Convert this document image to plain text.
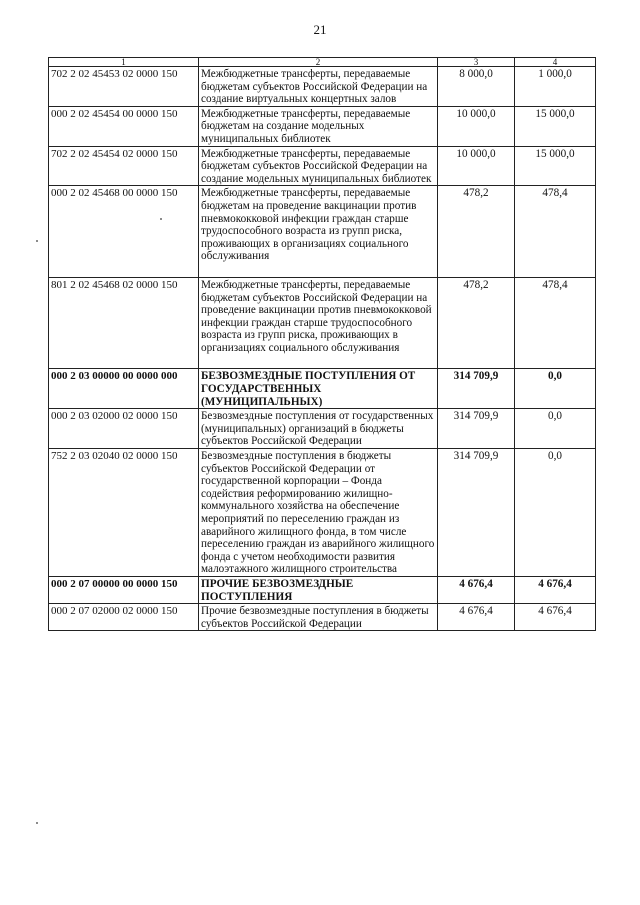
21
1	2	3	4
702 2 02 45453 02 0000 150	Межбюджетные трансферты, передаваемые бюджетам субъектов Российской Федерации на создание виртуальных концертных залов	8 000,0	1 000,0
000 2 02 45454 00 0000 150	Межбюджетные трансферты, передаваемые бюджетам на создание модельных муниципальных библиотек	10 000,0	15 000,0
702 2 02 45454 02 0000 150	Межбюджетные трансферты, передаваемые бюджетам субъектов Российской Федерации на создание модельных муниципальных библиотек	10 000,0	15 000,0
000 2 02 45468 00 0000 150	Межбюджетные трансферты, передаваемые бюджетам на проведение вакцинации против пневмококковой инфекции граждан старше трудоспособного возраста из групп риска, проживающих в организациях социального обслуживания	478,2	478,4
801 2 02 45468 02 0000 150	Межбюджетные трансферты, передаваемые бюджетам субъектов Российской Федерации на проведение вакцинации против пневмококковой инфекции граждан старше трудоспособного возраста из групп риска, проживающих в организациях социального обслуживания	478,2	478,4
000 2 03 00000 00 0000 000	БЕЗВОЗМЕЗДНЫЕ ПОСТУПЛЕНИЯ ОТ ГОСУДАРСТВЕННЫХ (МУНИЦИПАЛЬНЫХ)	314 709,9	0,0
000 2 03 02000 02 0000 150	Безвозмездные поступления от государственных (муниципальных) организаций в бюджеты субъектов Российской Федерации	314 709,9	0,0
752 2 03 02040 02 0000 150	Безвозмездные поступления в бюджеты субъектов Российской Федерации от государственной корпорации – Фонда содействия реформированию жилищно-коммунального хозяйства на обеспечение мероприятий по переселению граждан из аварийного жилищного фонда, в том числе переселению граждан из аварийного жилищного фонда с учетом необходимости развития малоэтажного жилищного строительства	314 709,9	0,0
000 2 07 00000 00 0000 150	ПРОЧИЕ БЕЗВОЗМЕЗДНЫЕ ПОСТУПЛЕНИЯ	4 676,4	4 676,4
000 2 07 02000 02 0000 150	Прочие безвозмездные поступления в бюджеты субъектов Российской Федерации	4 676,4	4 676,4
